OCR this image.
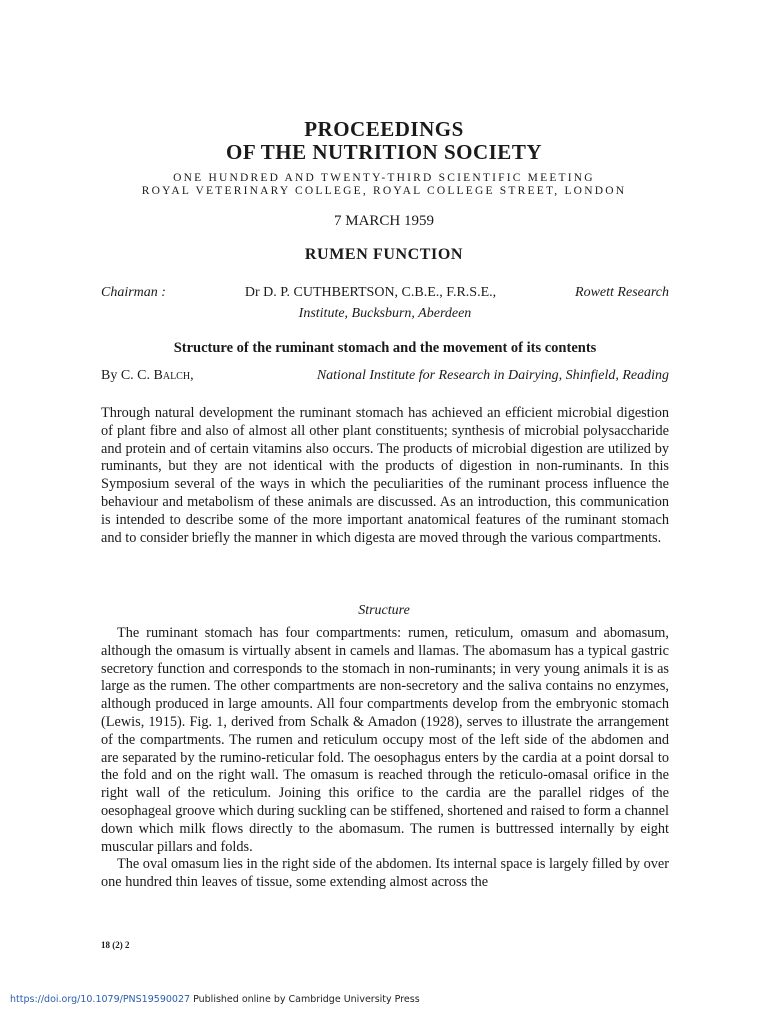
PROCEEDINGS
OF THE NUTRITION SOCIETY
ONE HUNDRED AND TWENTY-THIRD SCIENTIFIC MEETING
ROYAL VETERINARY COLLEGE, ROYAL COLLEGE STREET, LONDON
7 MARCH 1959
RUMEN FUNCTION
Chairman :	Dr D. P. CUTHBERTSON, C.B.E., F.R.S.E.,	Rowett Research
Institute, Bucksburn, Aberdeen
Structure of the ruminant stomach and the movement of its contents
By C. C. Balch,	National Institute for Research in Dairying, Shinfield, Reading

Through natural development the ruminant stomach has achieved an efficient microbial digestion of plant fibre and also of almost all other plant constituents; synthesis of microbial polysaccharide and protein and of certain vitamins also occurs. The products of microbial digestion are utilized by ruminants, but they are not identical with the products of digestion in non-ruminants. In this Symposium several of the ways in which the peculiarities of the ruminant process influence the behaviour and metabolism of these animals are discussed. As an introduction, this communication is intended to describe some of the more important anatomical features of the ruminant stomach and to consider briefly the manner in which digesta are moved through the various compartments.

Structure

The ruminant stomach has four compartments: rumen, reticulum, omasum and abomasum, although the omasum is virtually absent in camels and llamas. The abomasum has a typical gastric secretory function and corresponds to the stomach in non-ruminants; in very young animals it is as large as the rumen. The other compartments are non-secretory and the saliva contains no enzymes, although produced in large amounts. All four compartments develop from the embryonic stomach (Lewis, 1915). Fig. 1, derived from Schalk & Amadon (1928), serves to illustrate the arrangement of the compartments. The rumen and reticulum occupy most of the left side of the abdomen and are separated by the rumino-reticular fold. The oesophagus enters by the cardia at a point dorsal to the fold and on the right wall. The omasum is reached through the reticulo-omasal orifice in the right wall of the reticulum. Joining this orifice to the cardia are the parallel ridges of the oesophageal groove which during suckling can be stiffened, shortened and raised to form a channel down which milk flows directly to the abomasum. The rumen is buttressed internally by eight muscular pillars and folds.

The oval omasum lies in the right side of the abdomen. Its internal space is largely filled by over one hundred thin leaves of tissue, some extending almost across the

18 (2) 2
https://doi.org/10.1079/PNS19590027 Published online by Cambridge University Press
